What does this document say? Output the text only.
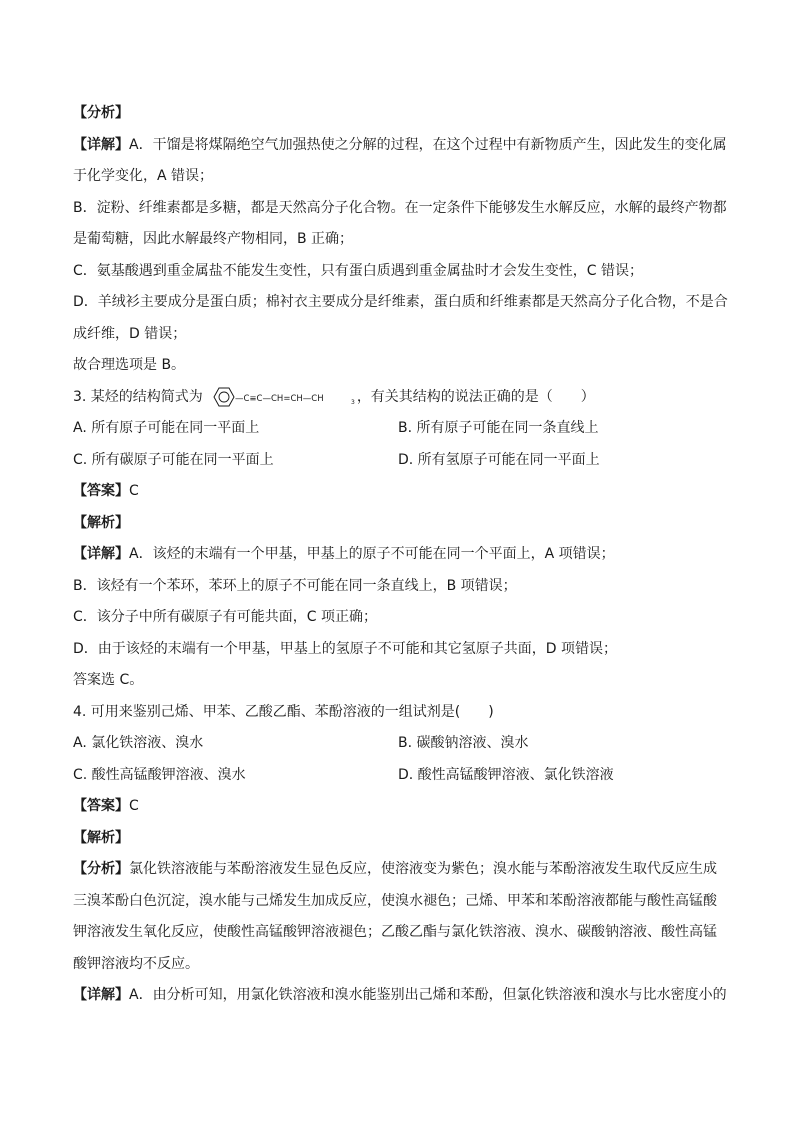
【分析】
【详解】A．干馏是将煤隔绝空气加强热使之分解的过程，在这个过程中有新物质产生，因此发生的变化属
于化学变化，A 错误；
B．淀粉、纤维素都是多糖，都是天然高分子化合物。在一定条件下能够发生水解反应，水解的最终产物都
是葡萄糖，因此水解最终产物相同，B 正确；
C．氨基酸遇到重金属盐不能发生变性，只有蛋白质遇到重金属盐时才会发生变性，C 错误；
D．羊绒衫主要成分是蛋白质；棉衬衣主要成分是纤维素，蛋白质和纤维素都是天然高分子化合物，不是合
成纤维，D 错误；
故合理选项是 B。
3. 某烃的结构简式为	—C≡C—CH=CH—CH	3 ，有关其结构的说法正确的是（　　）
A. 所有原子可能在同一平面上	B. 所有原子可能在同一条直线上
C. 所有碳原子可能在同一平面上	D. 所有氢原子可能在同一平面上
【答案】C
【解析】
【详解】A．该烃的末端有一个甲基，甲基上的原子不可能在同一个平面上，A 项错误；
B．该烃有一个苯环，苯环上的原子不可能在同一条直线上，B 项错误；
C．该分子中所有碳原子有可能共面，C 项正确；
D．由于该烃的末端有一个甲基，甲基上的氢原子不可能和其它氢原子共面，D 项错误；
答案选 C。
4. 可用来鉴别己烯、甲苯、乙酸乙酯、苯酚溶液的一组试剂是(　　)
A. 氯化铁溶液、溴水	B. 碳酸钠溶液、溴水
C. 酸性高锰酸钾溶液、溴水	D. 酸性高锰酸钾溶液、氯化铁溶液
【答案】C
【解析】
【分析】氯化铁溶液能与苯酚溶液发生显色反应，使溶液变为紫色；溴水能与苯酚溶液发生取代反应生成
三溴苯酚白色沉淀，溴水能与己烯发生加成反应，使溴水褪色；己烯、甲苯和苯酚溶液都能与酸性高锰酸
钾溶液发生氧化反应，使酸性高锰酸钾溶液褪色；乙酸乙酯与氯化铁溶液、溴水、碳酸钠溶液、酸性高锰
酸钾溶液均不反应。
【详解】A．由分析可知，用氯化铁溶液和溴水能鉴别出己烯和苯酚，但氯化铁溶液和溴水与比水密度小的
